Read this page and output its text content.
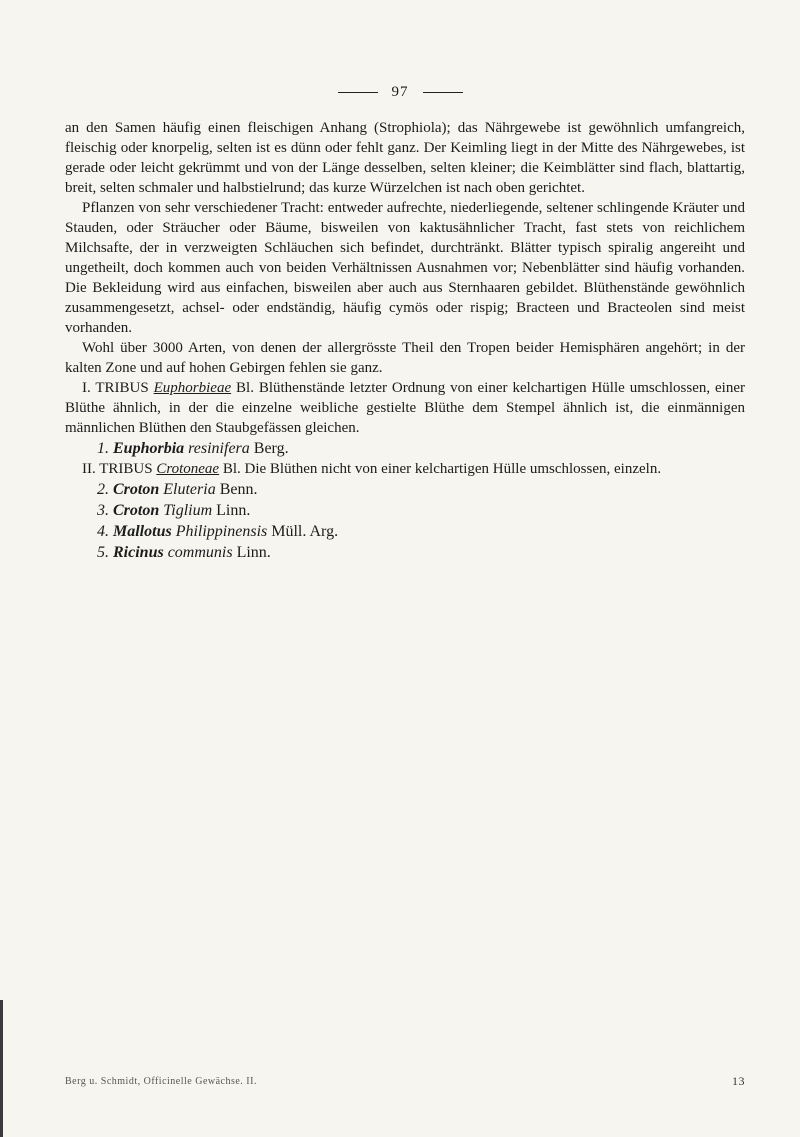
97

an den Samen häufig einen fleischigen Anhang (Strophiola); das Nährgewebe ist gewöhnlich umfangreich, fleischig oder knorpelig, selten ist es dünn oder fehlt ganz. Der Keimling liegt in der Mitte des Nährgewebes, ist gerade oder leicht gekrümmt und von der Länge desselben, selten kleiner; die Keimblätter sind flach, blattartig, breit, selten schmaler und halbstielrund; das kurze Würzelchen ist nach oben gerichtet.

Pflanzen von sehr verschiedener Tracht: entweder aufrechte, niederliegende, seltener schlingende Kräuter und Stauden, oder Sträucher oder Bäume, bisweilen von kaktusähnlicher Tracht, fast stets von reichlichem Milchsafte, der in verzweigten Schläuchen sich befindet, durchtränkt. Blätter typisch spiralig angereiht und ungetheilt, doch kommen auch von beiden Verhältnissen Ausnahmen vor; Nebenblätter sind häufig vorhanden. Die Bekleidung wird aus einfachen, bisweilen aber auch aus Sternhaaren gebildet. Blüthenstände gewöhnlich zusammengesetzt, achsel- oder endständig, häufig cymös oder rispig; Bracteen und Bracteolen sind meist vorhanden.

Wohl über 3000 Arten, von denen der allergrösste Theil den Tropen beider Hemisphären angehört; in der kalten Zone und auf hohen Gebirgen fehlen sie ganz.

I. TRIBUS Euphorbieae Bl. Blüthenstände letzter Ordnung von einer kelchartigen Hülle umschlossen, einer Blüthe ähnlich, in der die einzelne weibliche gestielte Blüthe dem Stempel ähnlich ist, die einmännigen männlichen Blüthen den Staubgefässen gleichen.

1. Euphorbia resinifera Berg.

II. TRIBUS Crotoneae Bl. Die Blüthen nicht von einer kelchartigen Hülle umschlossen, einzeln.

2. Croton Eluteria Benn.
3. Croton Tiglium Linn.
4. Mallotus Philippinensis Müll. Arg.
5. Ricinus communis Linn.
Berg u. Schmidt, Officinelle Gewächse. II.	13
